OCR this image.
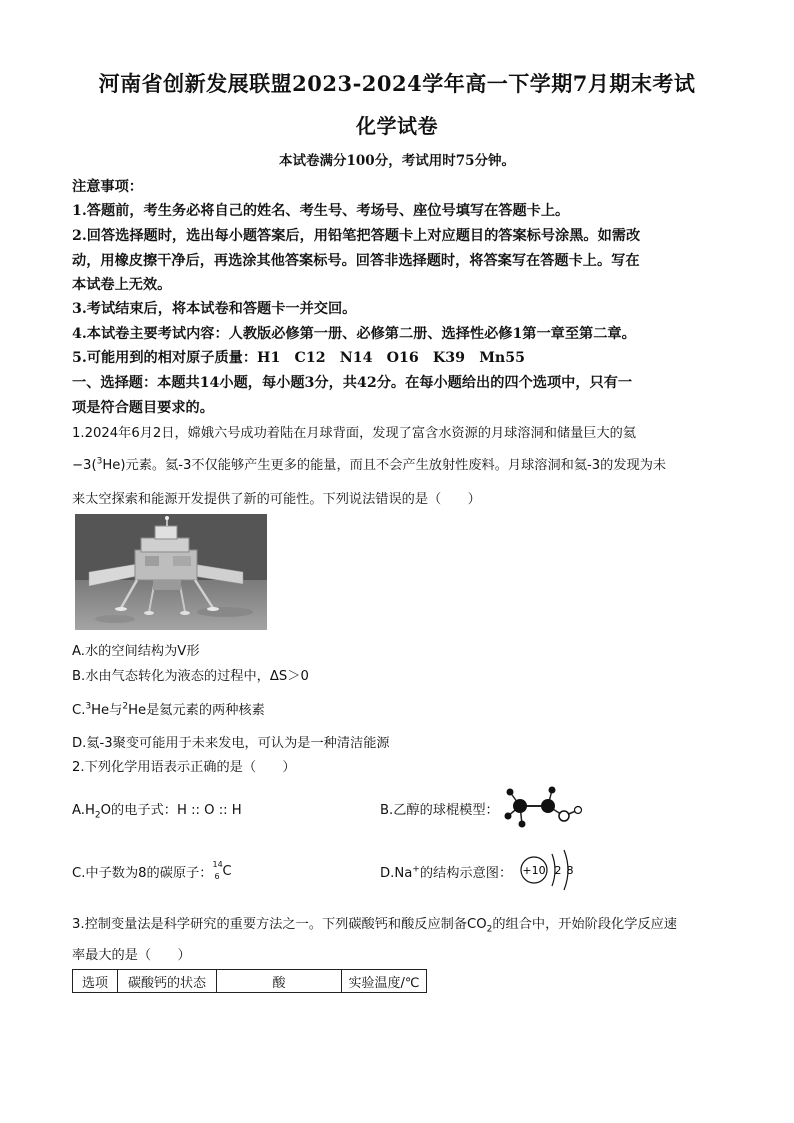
河南省创新发展联盟2023-2024学年高一下学期7月期末考试
化学试卷
本试卷满分100分，考试用时75分钟。
注意事项：
1.答题前，考生务必将自己的姓名、考生号、考场号、座位号填写在答题卡上。
2.回答选择题时，选出每小题答案后，用铅笔把答题卡上对应题目的答案标号涂黑。如需改
动，用橡皮擦干净后，再选涂其他答案标号。回答非选择题时，将答案写在答题卡上。写在
本试卷上无效。
3.考试结束后，将本试卷和答题卡一并交回。
4.本试卷主要考试内容：人教版必修第一册、必修第二册、选择性必修1第一章至第二章。
5.可能用到的相对原子质量：H1　C12　N14　O16　K39　Mn55
一、选择题：本题共14小题，每小题3分，共42分。在每小题给出的四个选项中，只有一
项是符合题目要求的。
1.2024年6月2日，嫦娥六号成功着陆在月球背面，发现了富含水资源的月球溶洞和储量巨大的氦
−3($^3$He)元素。氦-3不仅能够产生更多的能量，而且不会产生放射性废料。月球溶洞和氦-3的发现为未
来太空探索和能源开发提供了新的可能性。下列说法错误的是（　　）
A.水的空间结构为V形
B.水由气态转化为液态的过程中，ΔS＞0
C.$^3$He与$^2$He是氦元素的两种核素
D.氦-3聚变可能用于未来发电，可认为是一种清洁能源
2.下列化学用语表示正确的是（　　）
$A.H_2O$的电子式：H :: O :: H	B.乙醇的球棍模型：
C.中子数为8的碳原子：
14
6 C	D.Na+的结构示意图： +10 2 8
3.控制变量法是科学研究的重要方法之一。下列碳酸钙和酸反应制备$CO_2$的组合中，开始阶段化学反应速
率最大的是（　　）
选项	碳酸钙的状态	酸	实验温度/℃
